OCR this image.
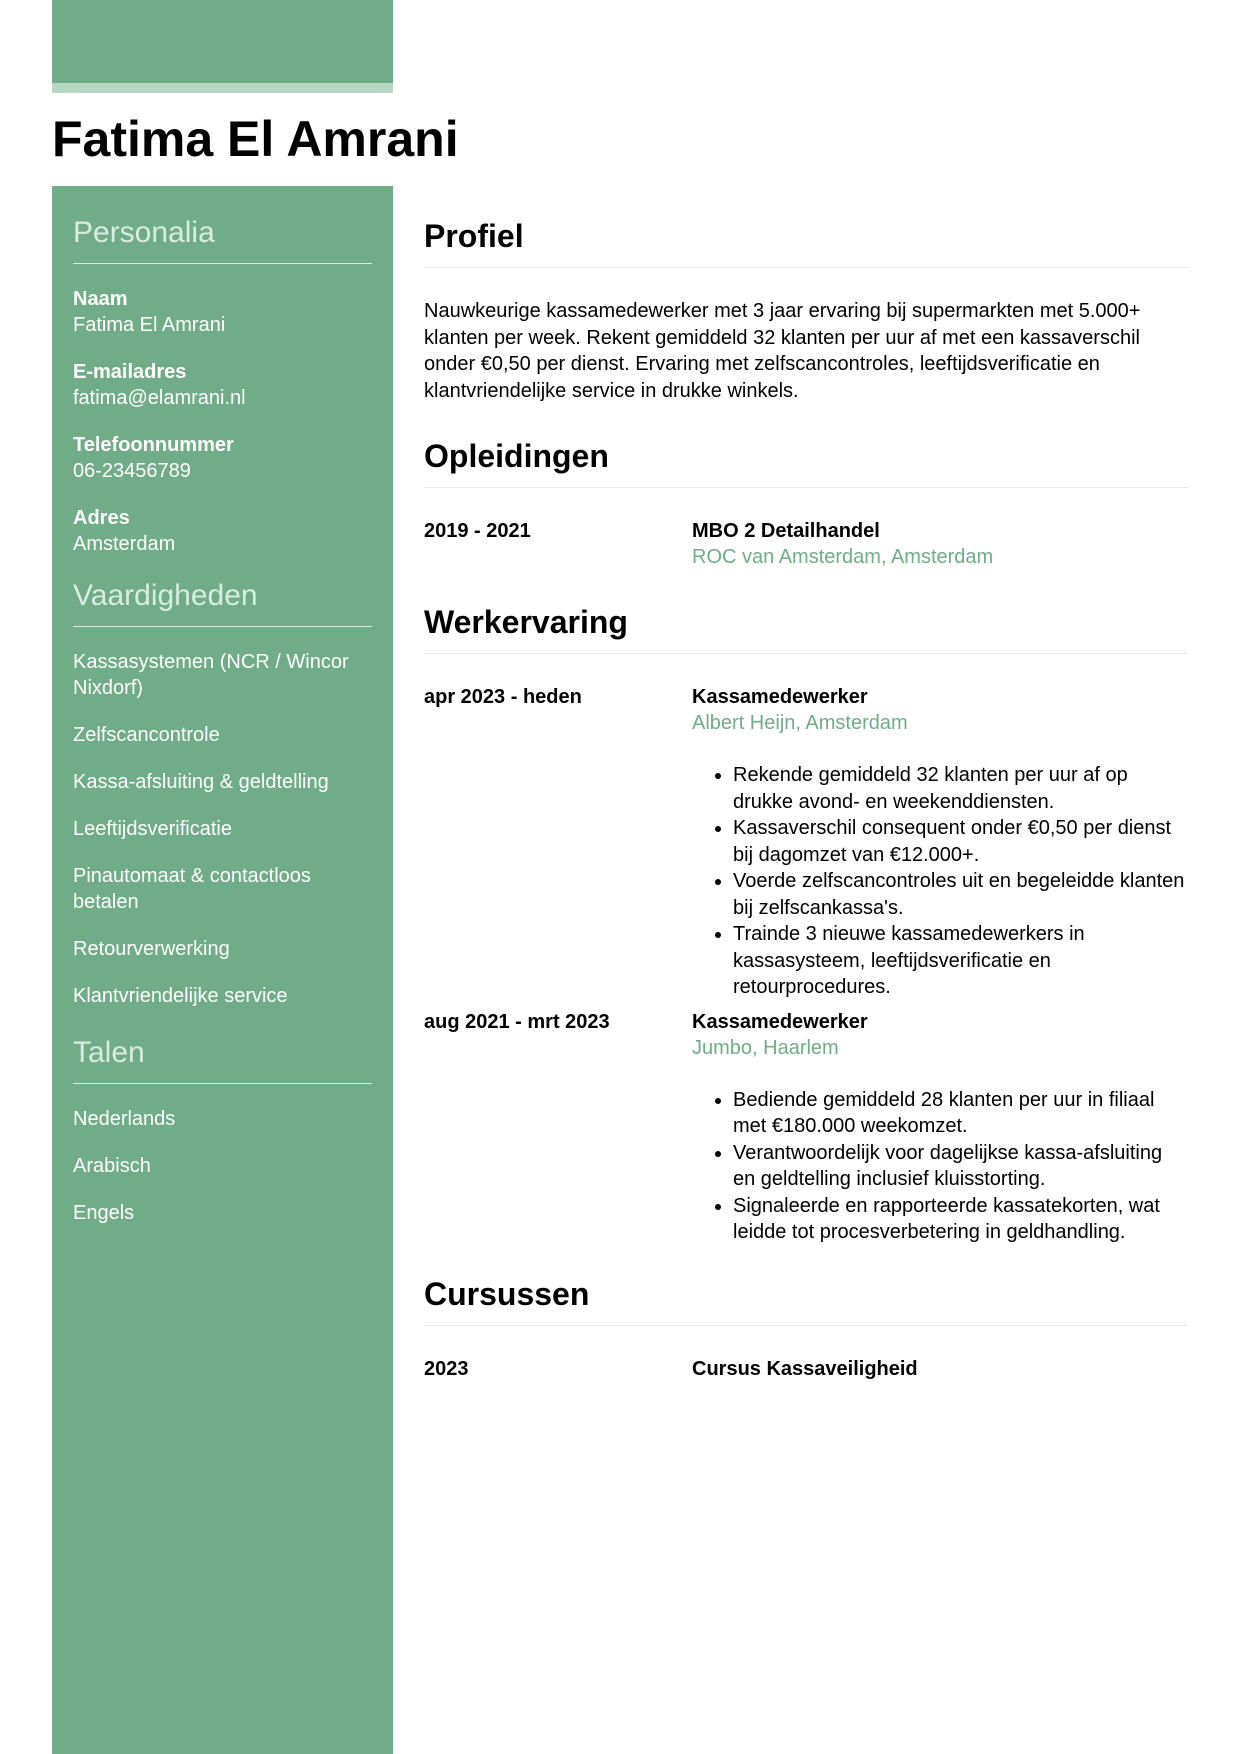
Fatima El Amrani
Personalia
Naam
Fatima El Amrani
E-mailadres
fatima@elamrani.nl
Telefoonnummer
06-23456789
Adres
Amsterdam
Vaardigheden
Kassasystemen (NCR / Wincor Nixdorf)
Zelfscancontrole
Kassa-afsluiting & geldtelling
Leeftijdsverificatie
Pinautomaat & contactloos betalen
Retourverwerking
Klantvriendelijke service
Talen
Nederlands
Arabisch
Engels
Profiel

Nauwkeurige kassamedewerker met 3 jaar ervaring bij supermarkten met 5.000+ klanten per week. Rekent gemiddeld 32 klanten per uur af met een kassaverschil onder €0,50 per dienst. Ervaring met zelfscancontroles, leeftijdsverificatie en klantvriendelijke service in drukke winkels.

Opleidingen
2019 - 2021	MBO 2 Detailhandel
ROC van Amsterdam, Amsterdam
Werkervaring
apr 2023 - heden	Kassamedewerker
Albert Heijn, Amsterdam
• Rekende gemiddeld 32 klanten per uur af op drukke avond- en weekenddiensten.
• Kassaverschil consequent onder €0,50 per dienst bij dagomzet van €12.000+.
• Voerde zelfscancontroles uit en begeleidde klanten bij zelfscankassa's.
• Trainde 3 nieuwe kassamedewerkers in kassasysteem, leeftijdsverificatie en retourprocedures.
aug 2021 - mrt 2023	Kassamedewerker
Jumbo, Haarlem
• Bediende gemiddeld 28 klanten per uur in filiaal met €180.000 weekomzet.
• Verantwoordelijk voor dagelijkse kassa-afsluiting en geldtelling inclusief kluisstorting.
• Signaleerde en rapporteerde kassatekorten, wat leidde tot procesverbetering in geldhandling.
Cursussen
2023	Cursus Kassaveiligheid
